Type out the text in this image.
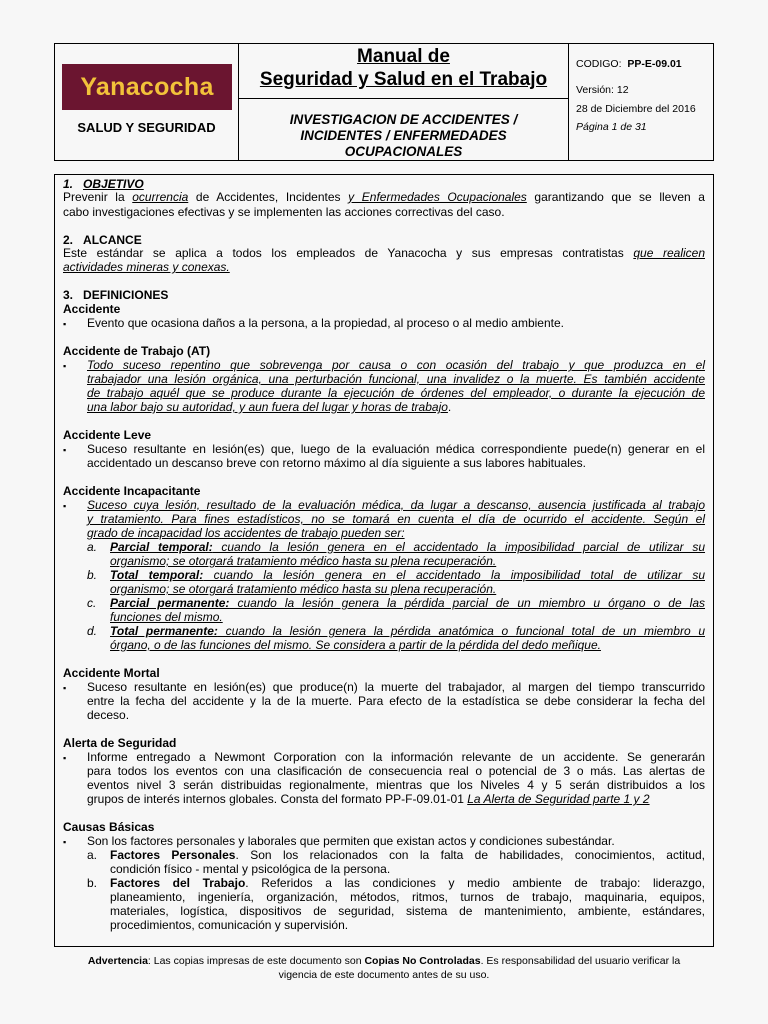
Yanacocha
SALUD Y SEGURIDAD
Manual de
Seguridad y Salud en el Trabajo
INVESTIGACION DE ACCIDENTES /
INCIDENTES / ENFERMEDADES
OCUPACIONALES
CODIGO: PP-E-09.01
Versión: 12
28 de Diciembre del 2016
Página 1 de 31
1. OBJETIVO
Prevenir la ocurrencia de Accidentes, Incidentes y Enfermedades Ocupacionales garantizando que se lleven a
cabo investigaciones efectivas y se implementen las acciones correctivas del caso.
2. ALCANCE
Este estándar se aplica a todos los empleados de Yanacocha y sus empresas contratistas que realicen
actividades mineras y conexas.
3. DEFINICIONES
Accidente
▪ Evento que ocasiona daños a la persona, a la propiedad, al proceso o al medio ambiente.
Accidente de Trabajo (AT)
▪ Todo suceso repentino que sobrevenga por causa o con ocasión del trabajo y que produzca en el
trabajador una lesión orgánica, una perturbación funcional, una invalidez o la muerte. Es también accidente
de trabajo aquél que se produce durante la ejecución de órdenes del empleador, o durante la ejecución de
una labor bajo su autoridad, y aun fuera del lugar y horas de trabajo.
Accidente Leve
▪ Suceso resultante en lesión(es) que, luego de la evaluación médica correspondiente puede(n) generar en el
accidentado un descanso breve con retorno máximo al día siguiente a sus labores habituales.
Accidente Incapacitante
▪ Suceso cuya lesión, resultado de la evaluación médica, da lugar a descanso, ausencia justificada al trabajo
y tratamiento. Para fines estadísticos, no se tomará en cuenta el día de ocurrido el accidente. Según el
grado de incapacidad los accidentes de trabajo pueden ser:
a. Parcial temporal: cuando la lesión genera en el accidentado la imposibilidad parcial de utilizar su
organismo; se otorgará tratamiento médico hasta su plena recuperación.
b. Total temporal: cuando la lesión genera en el accidentado la imposibilidad total de utilizar su
organismo; se otorgará tratamiento médico hasta su plena recuperación.
c. Parcial permanente: cuando la lesión genera la pérdida parcial de un miembro u órgano o de las
funciones del mismo.
d. Total permanente: cuando la lesión genera la pérdida anatómica o funcional total de un miembro u
órgano, o de las funciones del mismo. Se considera a partir de la pérdida del dedo meñique.
Accidente Mortal
▪ Suceso resultante en lesión(es) que produce(n) la muerte del trabajador, al margen del tiempo transcurrido
entre la fecha del accidente y la de la muerte. Para efecto de la estadística se debe considerar la fecha del
deceso.
Alerta de Seguridad
▪ Informe entregado a Newmont Corporation con la información relevante de un accidente. Se generarán
para todos los eventos con una clasificación de consecuencia real o potencial de 3 o más. Las alertas de
eventos nivel 3 serán distribuidas regionalmente, mientras que los Niveles 4 y 5 serán distribuidos a los
grupos de interés internos globales. Consta del formato PP-F-09.01-01 La Alerta de Seguridad parte 1 y 2
Causas Básicas
▪ Son los factores personales y laborales que permiten que existan actos y condiciones subestándar.
a. Factores Personales. Son los relacionados con la falta de habilidades, conocimientos, actitud,
condición físico - mental y psicológica de la persona.
b. Factores del Trabajo. Referidos a las condiciones y medio ambiente de trabajo: liderazgo,
planeamiento, ingeniería, organización, métodos, ritmos, turnos de trabajo, maquinaria, equipos,
materiales, logística, dispositivos de seguridad, sistema de mantenimiento, ambiente, estándares,
procedimientos, comunicación y supervisión.
Advertencia: Las copias impresas de este documento son Copias No Controladas. Es responsabilidad del usuario verificar la
vigencia de este documento antes de su uso.
